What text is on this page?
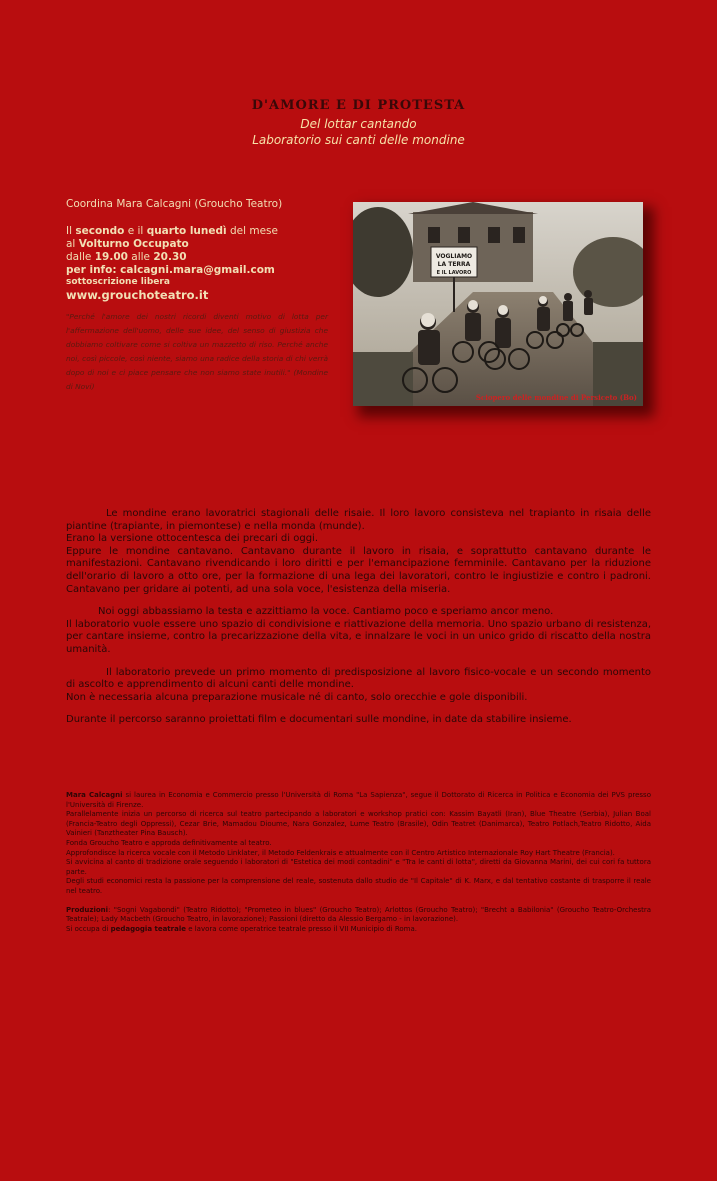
D'AMORE E DI PROTESTA
Del lottar cantando
Laboratorio sui canti delle mondine
Coordina Mara Calcagni (Groucho Teatro)
Il secondo e il quarto lunedì del mese
al Volturno Occupato
dalle 19.00 alle 20.30
per info: calcagni.mara@gmail.com
sottoscrizione libera
www.grouchoteatro.it
"Perché l'amore dei nostri ricordi diventi motivo di lotta per l'affermazione dell'uomo, delle sue idee, del senso di giustizia che dobbiamo coltivare come si coltiva un mazzetto di riso. Perché anche noi, così piccole, così niente, siamo una radice della storia di chi verrà dopo di noi e ci piace pensare che non siamo state inutili." (Mondine di Novi)
VOGLIAMO
LA TERRA
E IL LAVORO
Sciopero delle mondine di Persiceto (Bo)

Le mondine erano lavoratrici stagionali delle risaie. Il loro lavoro consisteva nel trapianto in risaia delle piantine (trapiante, in piemontese) e nella monda (munde).

Erano la versione ottocentesca dei precari di oggi.

Eppure le mondine cantavano. Cantavano durante il lavoro in risaia, e soprattutto cantavano durante le manifestazioni. Cantavano rivendicando i loro diritti e per l'emancipazione femminile. Cantavano per la riduzione dell'orario di lavoro a otto ore, per la formazione di una lega dei lavoratori, contro le ingiustizie e contro i padroni. Cantavano per gridare ai potenti, ad una sola voce, l'esistenza della miseria.

Noi oggi abbassiamo la testa e azzittiamo la voce. Cantiamo poco e speriamo ancor meno.

Il laboratorio vuole essere uno spazio di condivisione e riattivazione della memoria. Uno spazio urbano di resistenza, per cantare insieme, contro la precarizzazione della vita, e innalzare le voci in un unico grido di riscatto della nostra umanità.

Il laboratorio prevede un primo momento di predisposizione al lavoro fisico-vocale e un secondo momento di ascolto e apprendimento di alcuni canti delle mondine.

Non è necessaria alcuna preparazione musicale né di canto, solo orecchie e gole disponibili.

Durante il percorso saranno proiettati film e documentari sulle mondine, in date da stabilire insieme.

Mara Calcagni si laurea in Economia e Commercio presso l'Università di Roma "La Sapienza", segue il Dottorato di Ricerca in Politica e Economia dei PVS presso l'Università di Firenze.

Parallelamente inizia un percorso di ricerca sul teatro partecipando a laboratori e workshop pratici con: Kassim Bayatli (Iran), Blue Theatre (Serbia), Julian Boal (Francia-Teatro degli Oppressi), Cezar Brie, Mamadou Dioume, Nara Gonzalez, Lume Teatro (Brasile), Odin Teatret (Danimarca), Teatro Potlach,Teatro Ridotto, Aida Vainieri (Tanztheater Pina Bausch).

Fonda Groucho Teatro e approda definitivamente al teatro.

Approfondisce la ricerca vocale con il Metodo Linklater, il Metodo Feldenkrais e attualmente con il Centro Artistico Internazionale Roy Hart Theatre (Francia).

Si avvicina al canto di tradizione orale seguendo i laboratori di "Estetica dei modi contadini" e "Tra le canti di lotta", diretti da Giovanna Marini, dei cui cori fa tuttora parte.

Degli studi economici resta la passione per la comprensione del reale, sostenuta dallo studio de "Il Capitale" di K. Marx, e dal tentativo costante di trasporre il reale nel teatro.

Produzioni: "Sogni Vagabondi" (Teatro Ridotto); "Prometeo in blues" (Groucho Teatro); Arlottos (Groucho Teatro); "Brecht a Babilonia" (Groucho Teatro-Orchestra Teatrale); Lady Macbeth (Groucho Teatro, in lavorazione); Passioni (diretto da Alessio Bergamo - in lavorazione).

Si occupa di pedagogia teatrale e lavora come operatrice teatrale presso il VII Municipio di Roma.
